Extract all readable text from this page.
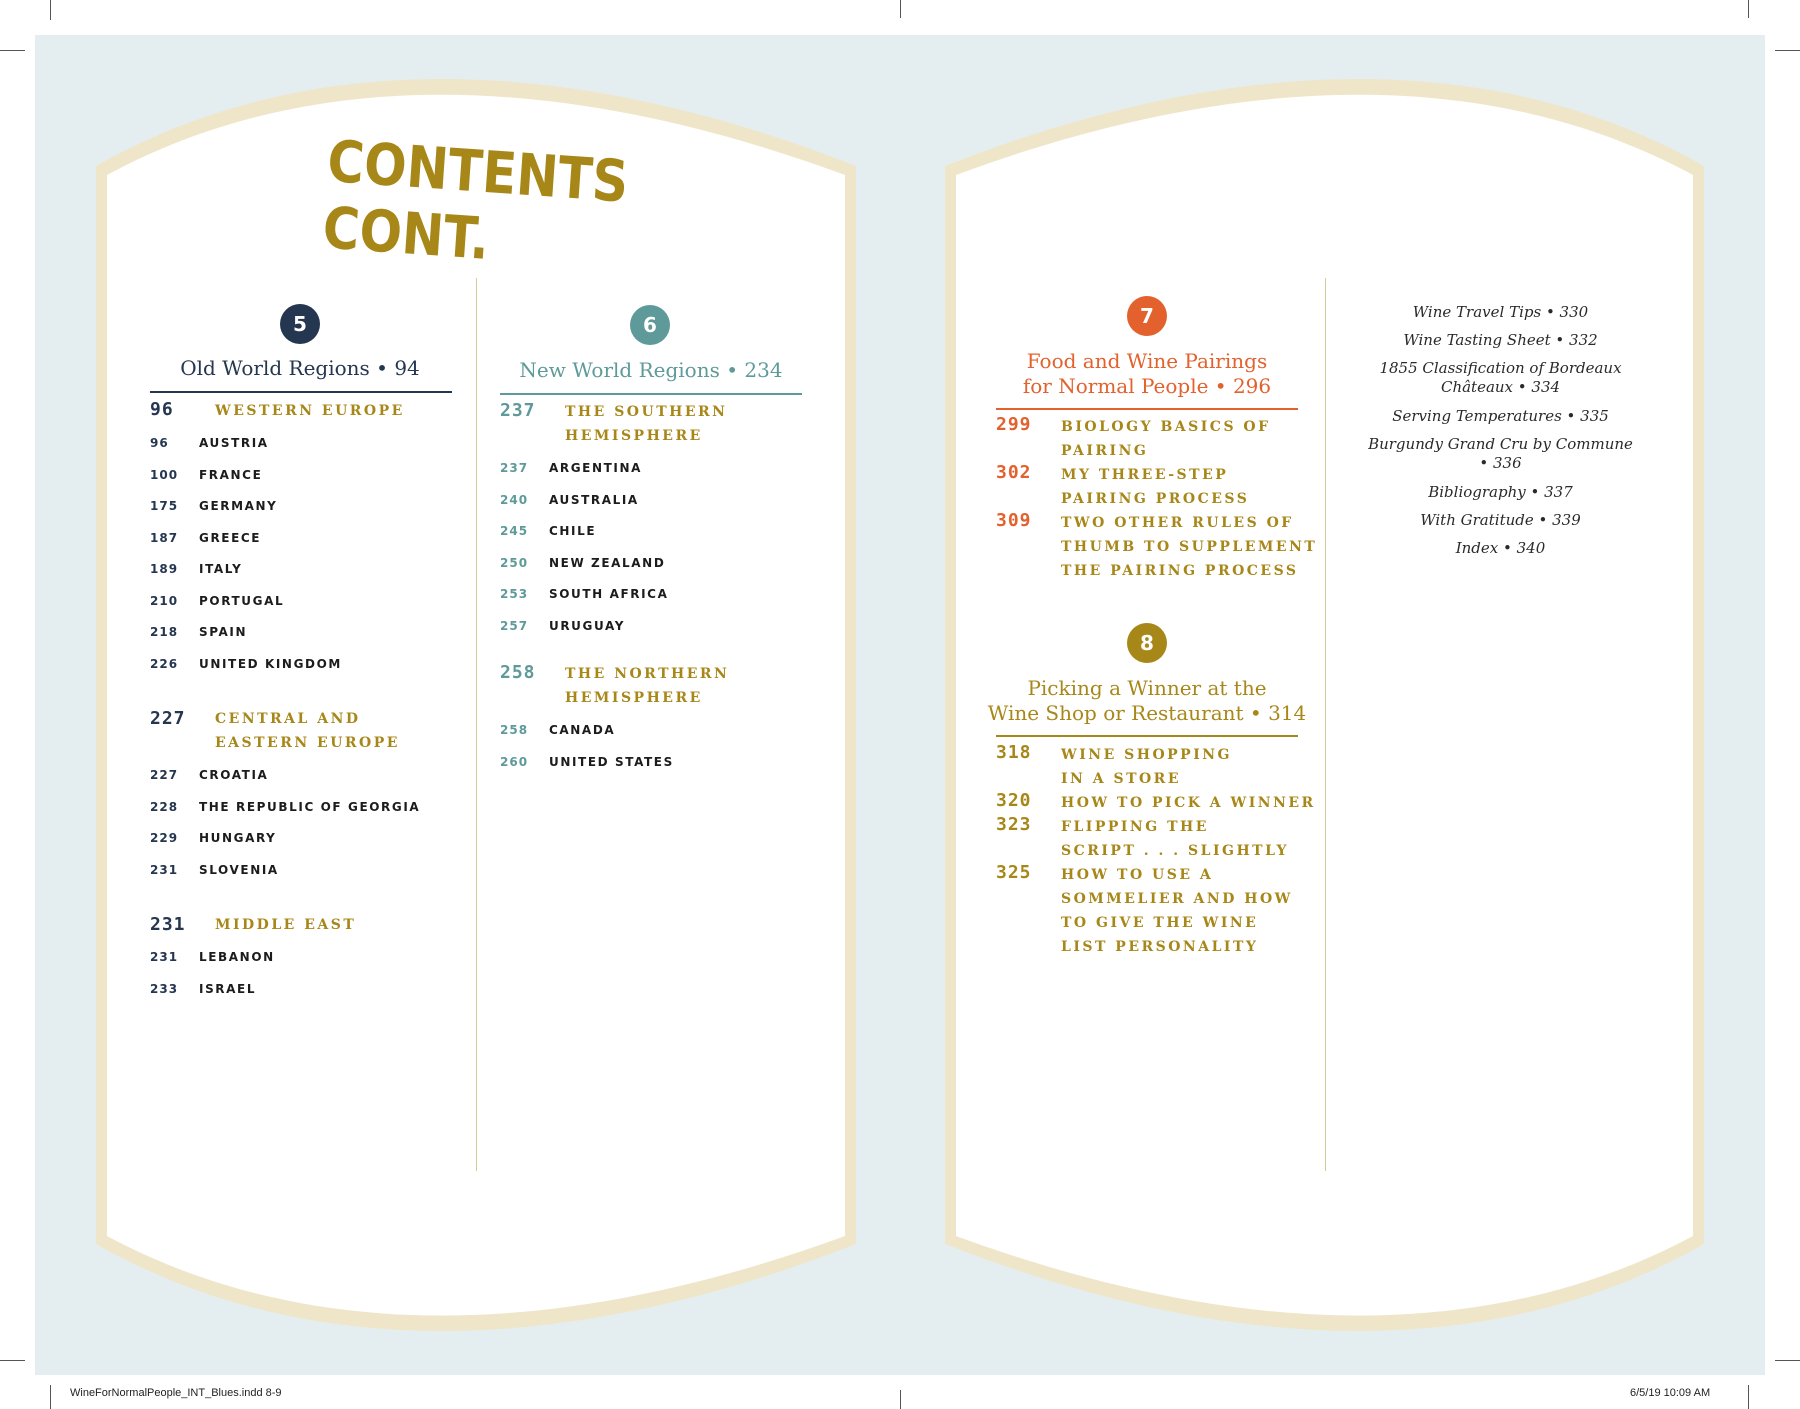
CONTENTS CONT.
5
Old World Regions • 94
96	WESTERN EUROPE
96	AUSTRIA
100 FRANCE
175 GERMANY
187 GREECE
189 ITALY
210 PORTUGAL
218 SPAIN
226 UNITED KINGDOM
227 CENTRAL AND
EASTERN EUROPE
227 CROATIA
228 THE REPUBLIC OF GEORGIA
229 HUNGARY
231 SLOVENIA
231 MIDDLE EAST
231 LEBANON
233 ISRAEL
6
New World Regions • 234
237 THE SOUTHERN
HEMISPHERE
237 ARGENTINA
240 AUSTRALIA
245 CHILE
250 NEW ZEALAND
253 SOUTH AFRICA
257 URUGUAY
258 THE NORTHERN
HEMISPHERE
258 CANADA
260 UNITED STATES
7
Food and Wine Pairings
for Normal People • 296
299 BIOLOGY BASICS OF
PAIRING
302 MY THREE-STEP
PAIRING PROCESS
309 TWO OTHER RULES OF
THUMB TO SUPPLEMENT
THE PAIRING PROCESS
8
Picking a Winner at the
Wine Shop or Restaurant • 314
318 WINE SHOPPING
IN A STORE
320 HOW TO PICK A WINNER
323 FLIPPING THE
SCRIPT . . . SLIGHTLY
325 HOW TO USE A
SOMMELIER AND HOW
TO GIVE THE WINE
LIST PERSONALITY
Wine Travel Tips • 330
Wine Tasting Sheet • 332
1855 Classification of Bordeaux
Châteaux • 334
Serving Temperatures • 335
Burgundy Grand Cru by Commune
• 336
Bibliography • 337
With Gratitude • 339
Index • 340
WineForNormalPeople_INT_Blues.indd 8-9	6/5/19 10:09 AM
